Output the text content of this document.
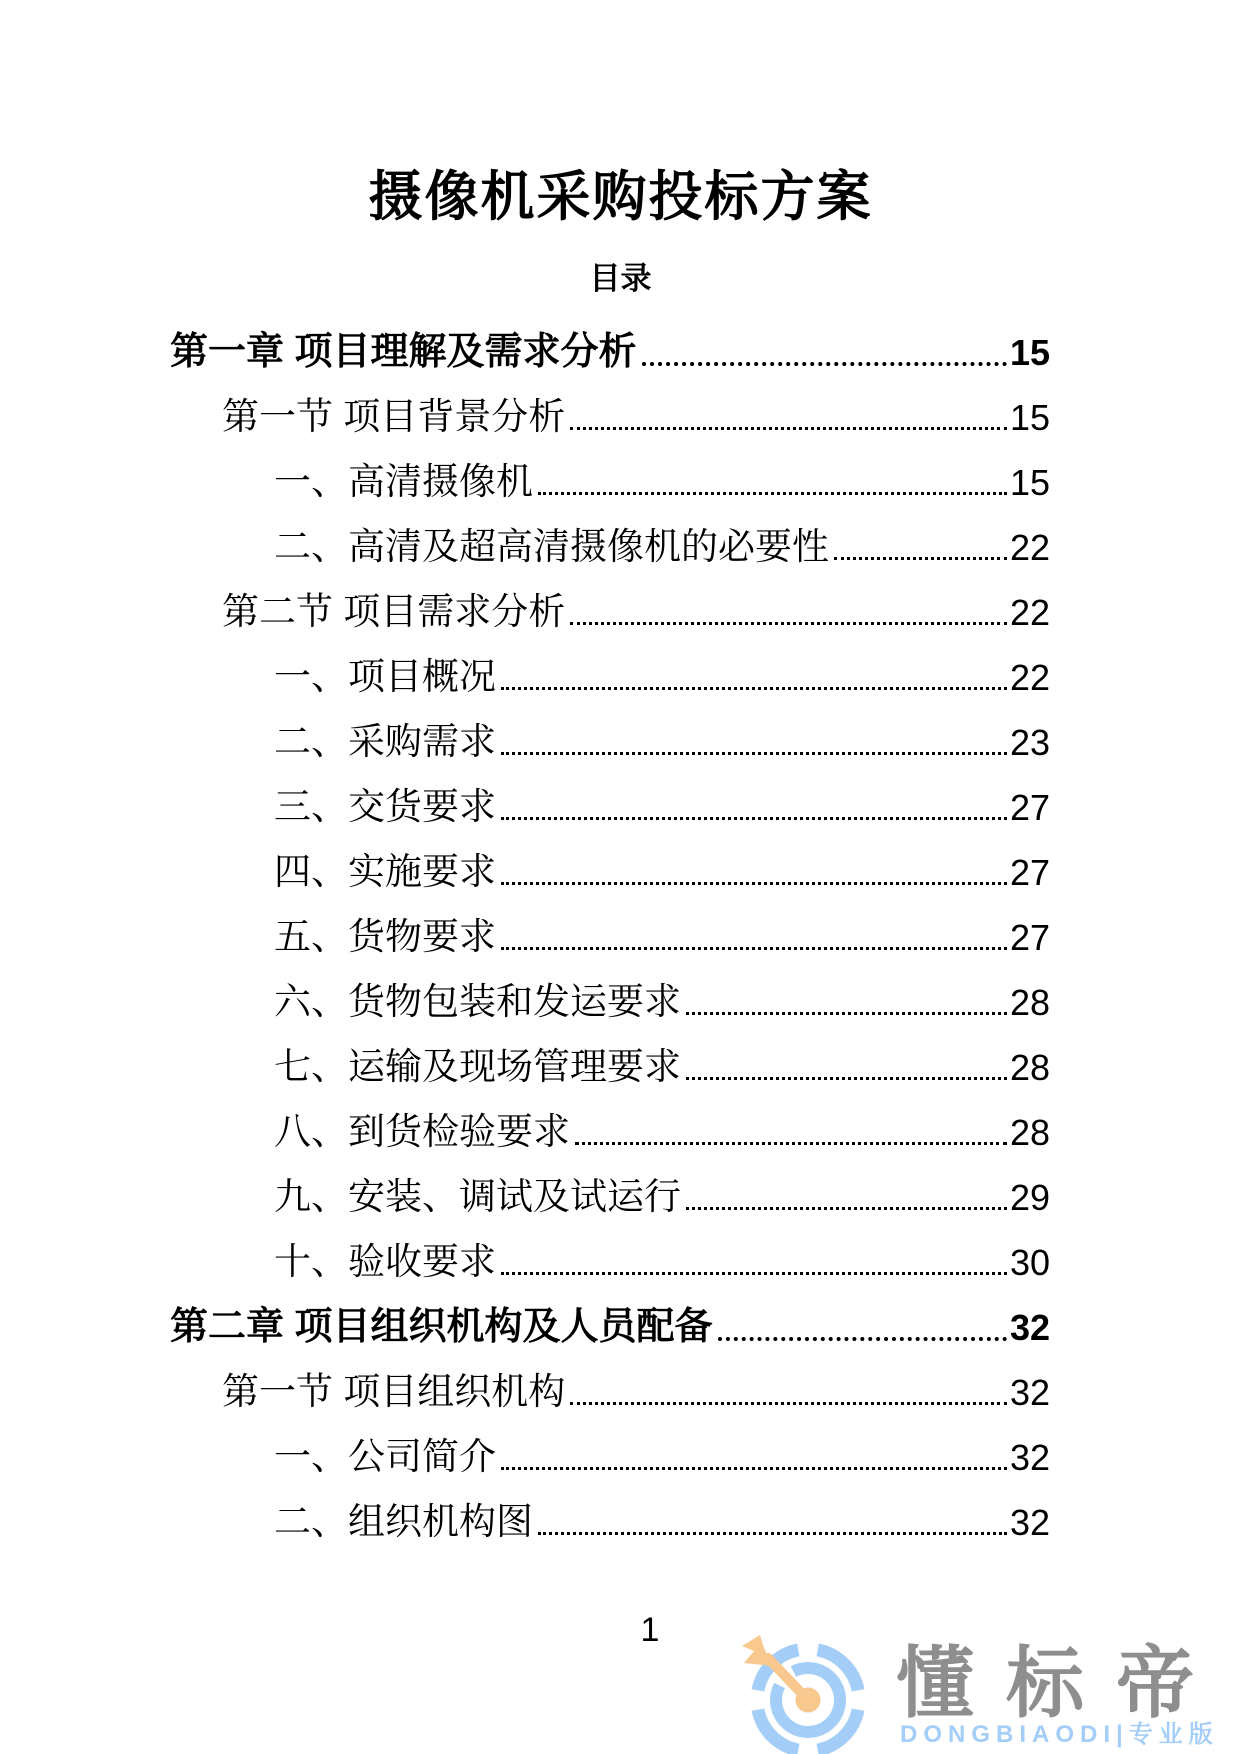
摄像机采购投标方案
目录
第一章 项目理解及需求分析	15
第一节 项目背景分析	15
一、高清摄像机	15
二、高清及超高清摄像机的必要性	22
第二节 项目需求分析	22
一、项目概况	22
二、采购需求	23
三、交货要求	27
四、实施要求	27
五、货物要求	27
六、货物包装和发运要求	28
七、运输及现场管理要求	28
八、到货检验要求	28
九、安装、调试及试运行	29
十、验收要求	30
第二章 项目组织机构及人员配备	32
第一节 项目组织机构	32
一、公司简介	32
二、组织机构图	32
1
懂标帝
DONGBIAODI|专业版
